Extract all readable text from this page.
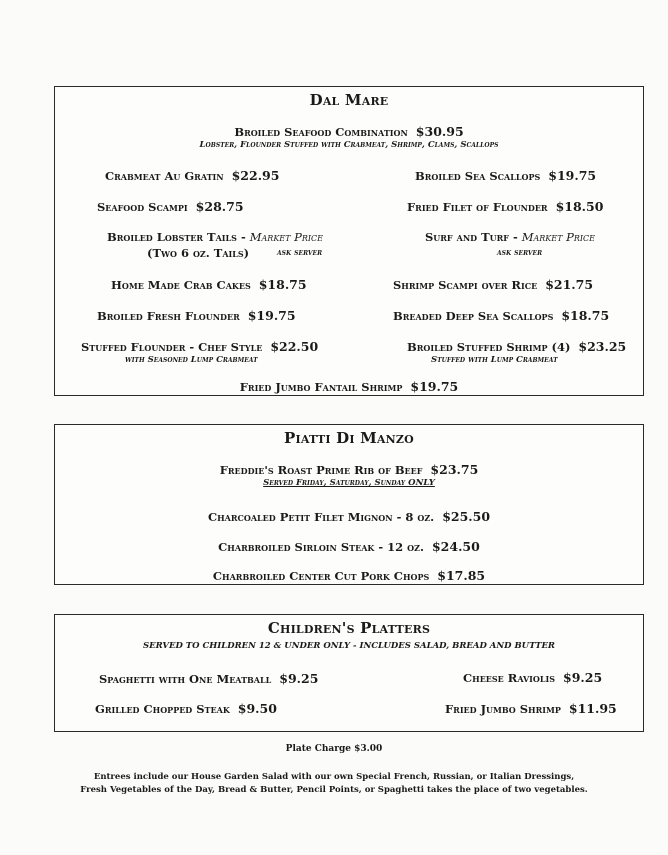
Dal Mare
Broiled Seafood Combination $30.95
Lobster, Flounder Stuffed with Crabmeat, Shrimp, Clams, Scallops
Crabmeat Au Gratin $22.95
Seafood Scampi $28.75
Broiled Lobster Tails - Market Price
(Two 6 oz. Tails)	ask server
Home Made Crab Cakes $18.75
Broiled Fresh Flounder $19.75
Stuffed Flounder - Chef Style $22.50
with Seasoned Lump Crabmeat
Broiled Sea Scallops $19.75
Fried Filet of Flounder $18.50
Surf and Turf - Market Price
ask server
Shrimp Scampi over Rice $21.75
Breaded Deep Sea Scallops $18.75
Broiled Stuffed Shrimp (4) $23.25
Stuffed with Lump Crabmeat
Fried Jumbo Fantail Shrimp $19.75
Piatti Di Manzo
Freddie's Roast Prime Rib of Beef $23.75
Served Friday, Saturday, Sunday ONLY
Charcoaled Petit Filet Mignon - 8 oz. $25.50
Charbroiled Sirloin Steak - 12 oz. $24.50
Charbroiled Center Cut Pork Chops $17.85
Children's Platters
SERVED TO CHILDREN 12 & UNDER ONLY - INCLUDES SALAD, BREAD AND BUTTER
Spaghetti with One Meatball $9.25
Grilled Chopped Steak $9.50
Cheese Raviolis $9.25
Fried Jumbo Shrimp $11.95
Plate Charge $3.00
Entrees include our House Garden Salad with our own Special French, Russian, or Italian Dressings,
Fresh Vegetables of the Day, Bread & Butter, Pencil Points, or Spaghetti takes the place of two vegetables.
